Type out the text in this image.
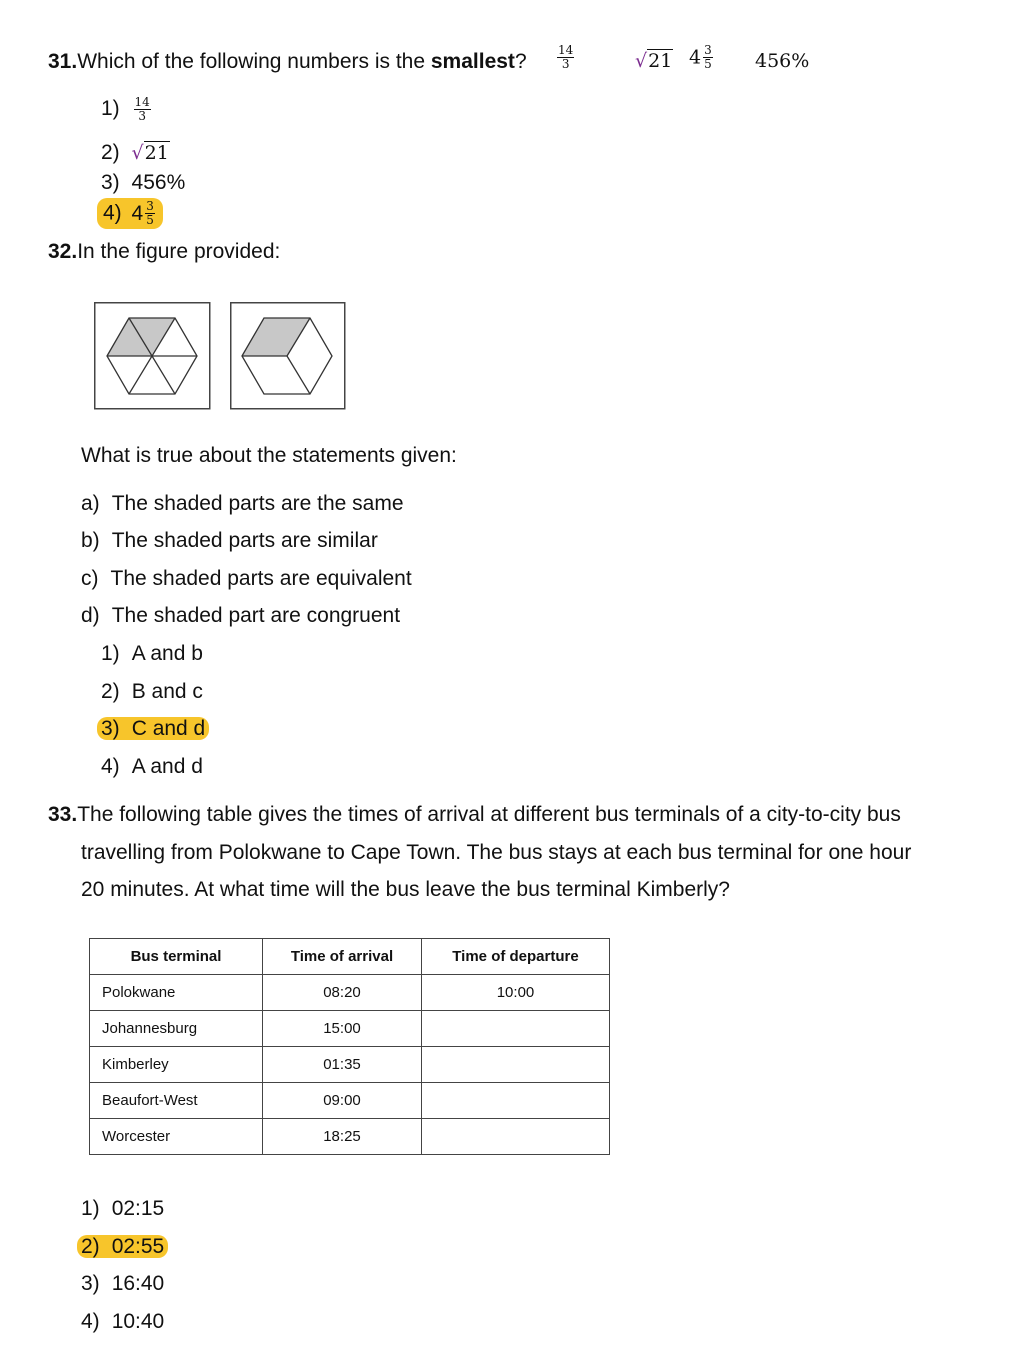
31.Which of the following numbers is the smallest?	$\frac{14}{3}$	√21 $4 \frac{3}{5} 456\%$
$1) \frac{14}{3}$
2) √21
3) 456%
4) $4 \frac{3}{5}$
32.In the figure provided:
What is true about the statements given:
a) The shaded parts are the same
b) The shaded parts are similar
c) The shaded parts are equivalent
d) The shaded part are congruent
1) A and b
2) B and c
3) C and d
4) A and d
33.The following table gives the times of arrival at different bus terminals of a city-to-city bus
travelling from Polokwane to Cape Town. The bus stays at each bus terminal for one hour
20 minutes. At what time will the bus leave the bus terminal Kimberly?
Bus terminal	Time of arrival	Time of departure
Polokwane	08:20	10:00
Johannesburg	15:00	
Kimberley	01:35	
Beaufort-West	09:00	
Worcester	18:25	
1) 02:15
2) 02:55
3) 16:40
4) 10:40
